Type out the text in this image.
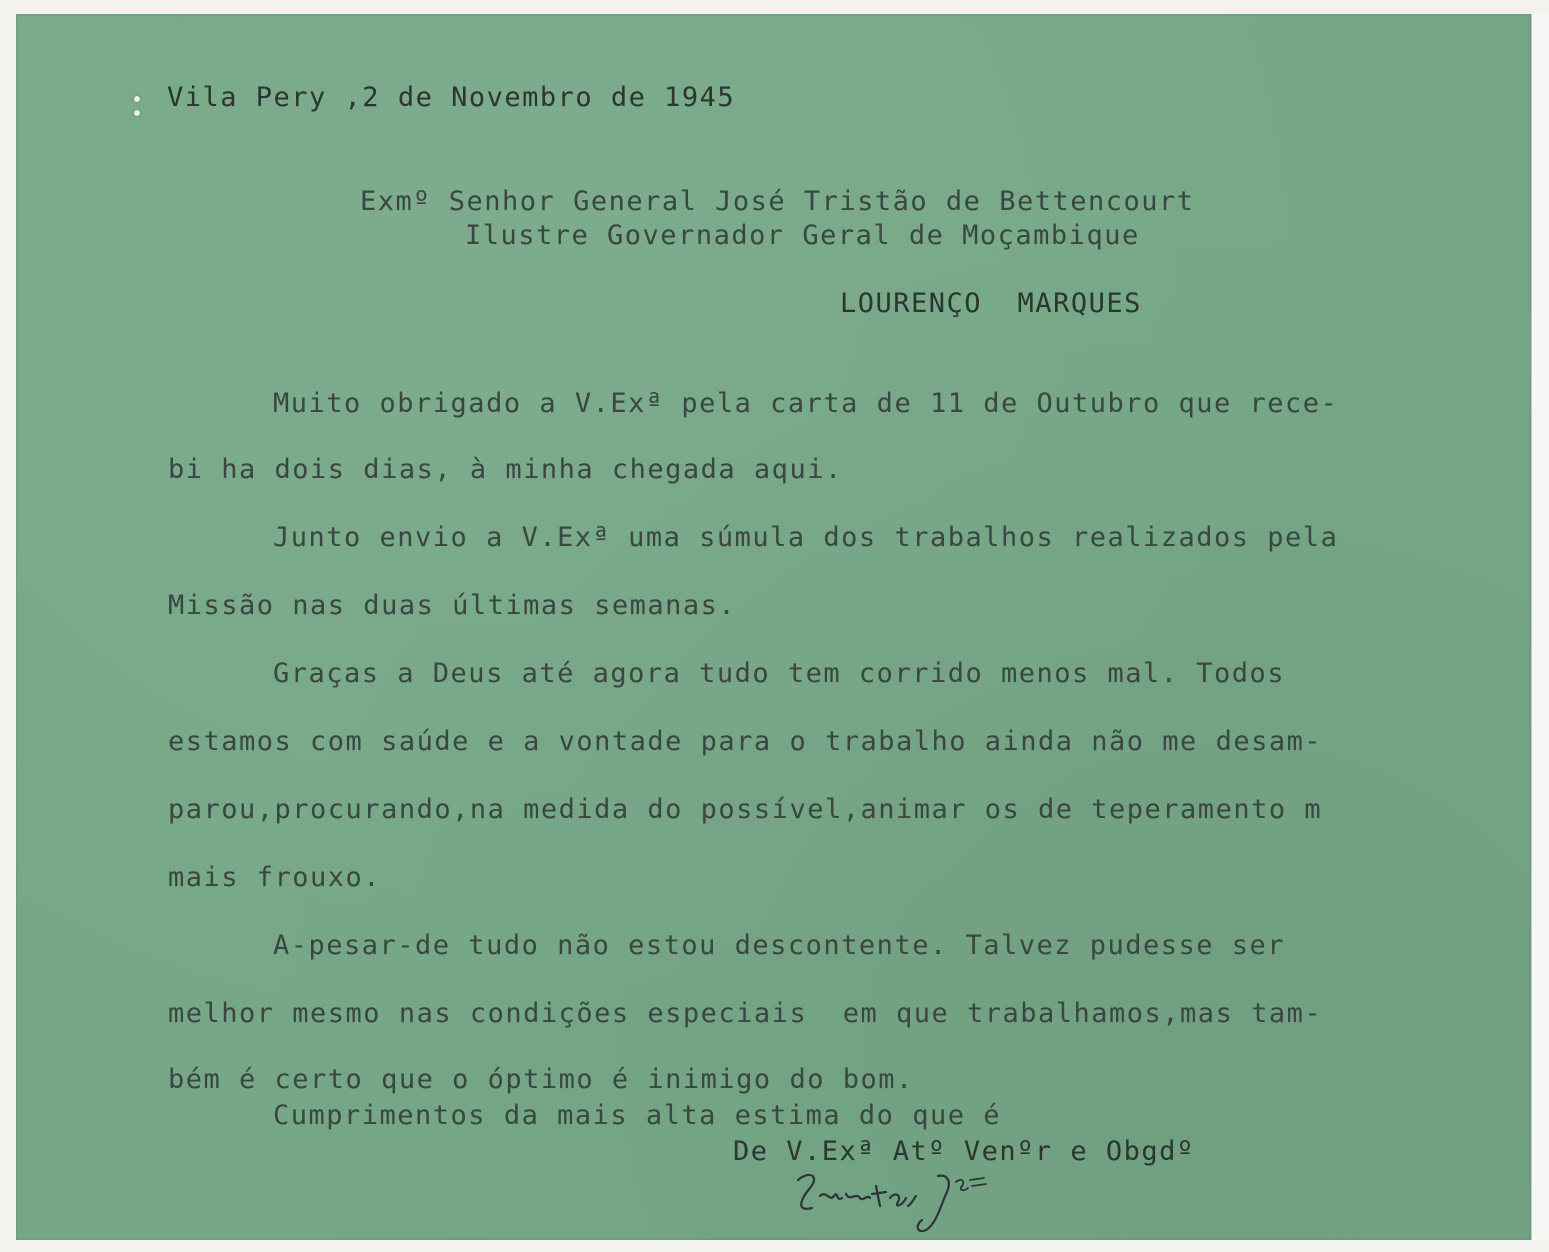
Vila Pery ,2 de Novembro de 1945

Exmº Senhor General José Tristão de Bettencourt

Ilustre Governador Geral de Moçambique

LOURENÇO  MARQUES

Muito obrigado a V.Exª pela carta de 11 de Outubro que rece-

bi ha dois dias, à minha chegada aqui.

Junto envio a V.Exª uma súmula dos trabalhos realizados pela

Missão nas duas últimas semanas.

Graças a Deus até agora tudo tem corrido menos mal. Todos

estamos com saúde e a vontade para o trabalho ainda não me desam-

parou,procurando,na medida do possível,animar os de teperamento m

mais frouxo.

A-pesar-de tudo não estou descontente. Talvez pudesse ser

melhor mesmo nas condições especiais  em que trabalhamos,mas tam-

bém é certo que o óptimo é inimigo do bom.

Cumprimentos da mais alta estima do que é

De V.Exª Atº Venºr e Obgdº
